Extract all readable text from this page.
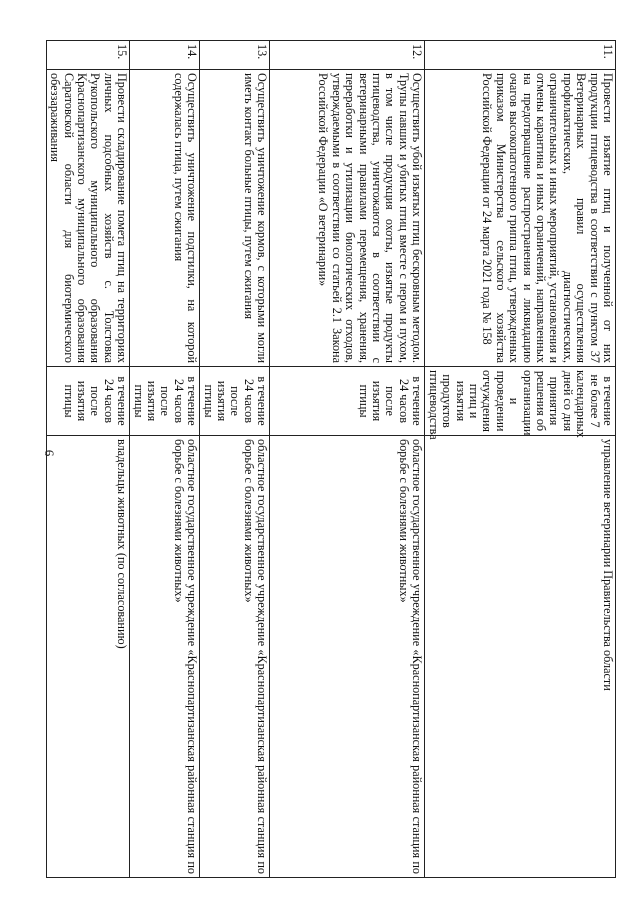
6
11.	Провести изъятие птиц и полученной от них продукции птицеводства в соответствии с пунктом 37 Ветеринарных правил осуществления профилактических, диагностических, ограничительных и иных мероприятий, установления и отмены карантина и иных ограничений, направленных на предотвращение распространения и ликвидацию очагов высокопатогенного гриппа птиц, утвержденных приказом Министерства сельского хозяйства Российской Федерации от 24 марта 2021 года № 158	в течение не более 7 календарных дней со дня принятия решения об организации и проведении отчуждения птиц и изъятия продуктов птицеводства	управление ветеринарии Правительства области
12.	Осуществить убой изъятых птиц бескровным методом. Трупы павших и убитых птиц вместе с пером и пухом, в том числе продукция охоты, изъятые продукты птицеводства, уничтожаются в соответствии с ветеринарными правилами перемещения, хранения, переработки и утилизации биологических отходов, утверждаемыми в соответствии со статьей 2.1 Закона Российской Федерации «О ветеринарии»	в течение 24 часов после изъятия птицы	областное государственное учреждение «Краснопартизанская районная станция по борьбе с болезнями животных»
13.	Осуществить уничтожение кормов, с которыми могли иметь контакт больные птицы, путем сжигания	в течение 24 часов после изъятия птицы	областное государственное учреждение «Краснопартизанская районная станция по борьбе с болезнями животных»
14.	Осуществить уничтожение подстилки, на которой содержалась птица, путем сжигания	в течение 24 часов после изъятия птицы	областное государственное учреждение «Краснопартизанская районная станция по борьбе с болезнями животных»
15.	Провести складирование помета птиц на территориях личных подсобных хозяйств с. Толстовка Рукопольского муниципального образования Краснопартизанского муниципального образования Саратовской области для биотермического обеззараживания	в течение 24 часов после изъятия птицы	владельцы животных (по согласованию)
